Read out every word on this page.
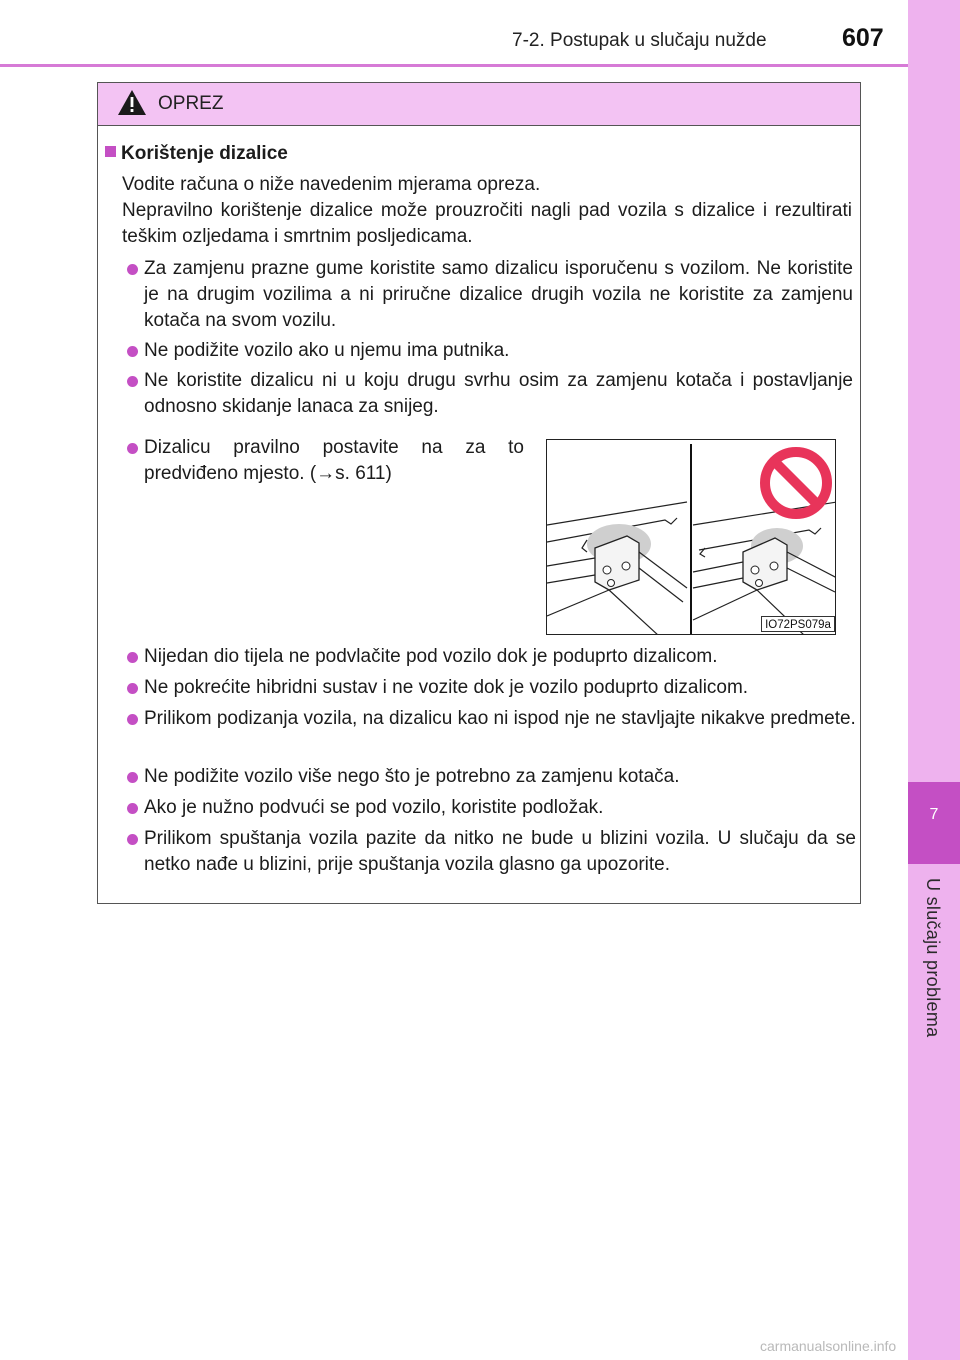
7-2. Postupak u slučaju nužde	607
7
U slučaju problema
OPREZ
Korištenje dizalice
Vodite računa o niže navedenim mjerama opreza.
Nepravilno korištenje dizalice može prouzročiti nagli pad vozila s dizalice i rezultirati teškim ozljedama i smrtnim posljedicama.
Za zamjenu prazne gume koristite samo dizalicu isporučenu s vozilom. Ne koristite je na drugim vozilima a ni priručne dizalice drugih vozila ne koristite za zamjenu kotača na svom vozilu.
Ne podižite vozilo ako u njemu ima putnika.
Ne koristite dizalicu ni u koju drugu svrhu osim za zamjenu kotača i postavljanje odnosno skidanje lanaca za snijeg.
Dizalicu pravilno postavite na za to predviđeno mjesto. (→s. 611)
Nijedan dio tijela ne podvlačite pod vozilo dok je poduprto dizalicom.
Ne pokrećite hibridni sustav i ne vozite dok je vozilo poduprto dizalicom.
Prilikom podizanja vozila, na dizalicu kao ni ispod nje ne stavljajte nikakve predmete.
Ne podižite vozilo više nego što je potrebno za zamjenu kotača.
Ako je nužno podvući se pod vozilo, koristite podložak.
Prilikom spuštanja vozila pazite da nitko ne bude u blizini vozila. U slučaju da se netko nađe u blizini, prije spuštanja vozila glasno ga upozorite.
IO72PS079a
carmanualsonline.info
